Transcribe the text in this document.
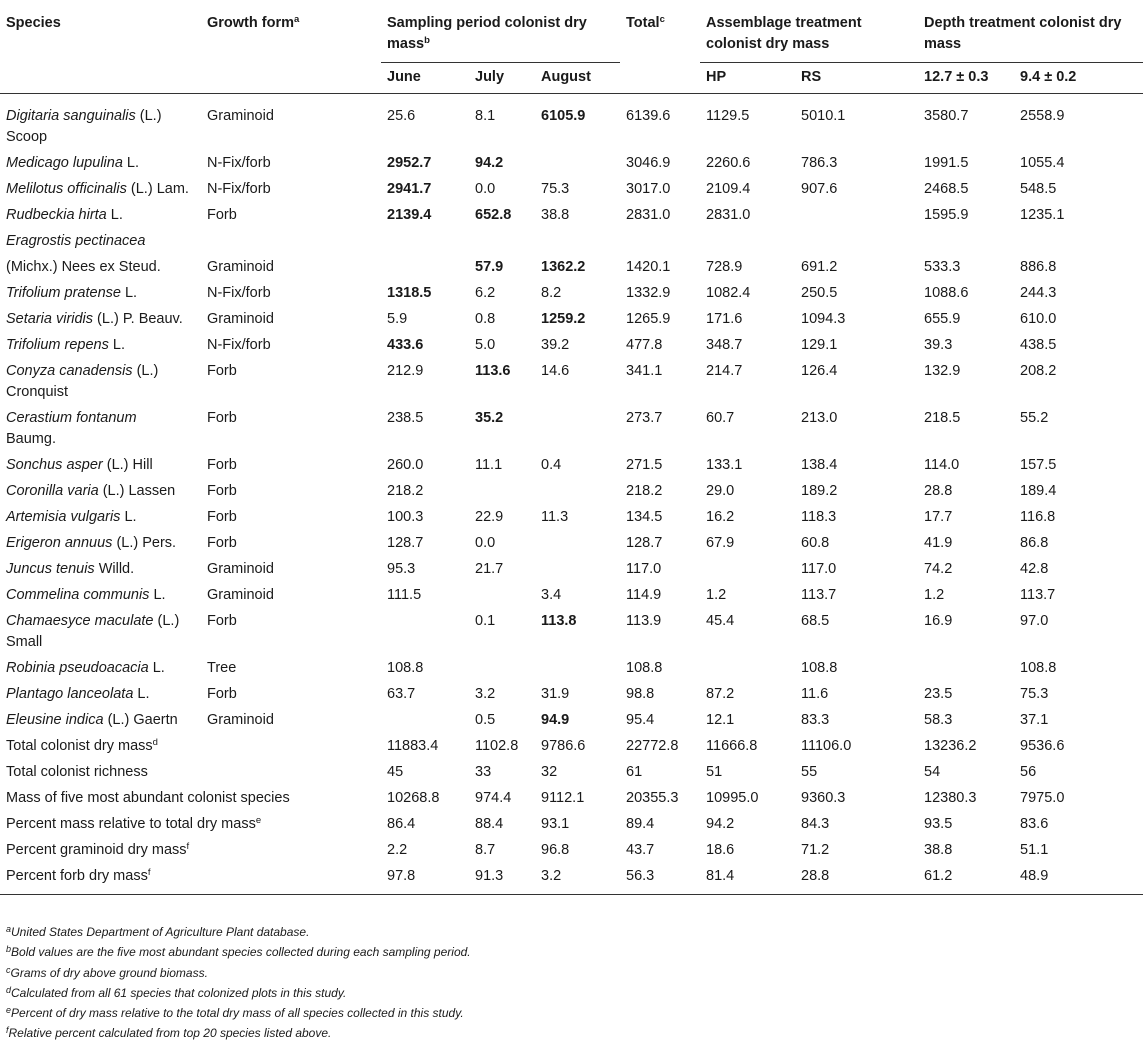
Species	Growth form$^a$	Sampling period colonist dry mass$^b$			Total$^c$	Assemblage treatment colonist dry mass		Depth treatment colonist dry mass	
		June	July	August		HP	RS	12.7 ± 0.3	9.4 ± 0.2
Digitaria sanguinalis (L.)
Scoop	Graminoid	25.6	8.1	6105.9	6139.6	1129.5	5010.1	3580.7	2558.9
Medicago lupulina L.	N-Fix/forb	2952.7	94.2		3046.9	2260.6	786.3	1991.5	1055.4
Melilotus officinalis (L.) Lam.	N-Fix/forb	2941.7	0.0	75.3	3017.0	2109.4	907.6	2468.5	548.5
Rudbeckia hirta L.	Forb	2139.4	652.8	38.8	2831.0	2831.0		1595.9	1235.1
Eragrostis pectinacea									
(Michx.) Nees ex Steud.	Graminoid		57.9	1362.2	1420.1	728.9	691.2	533.3	886.8
Trifolium pratense L.	N-Fix/forb	1318.5	6.2	8.2	1332.9	1082.4	250.5	1088.6	244.3
Setaria viridis (L.) P. Beauv.	Graminoid	5.9	0.8	1259.2	1265.9	171.6	1094.3	655.9	610.0
Trifolium repens L.	N-Fix/forb	433.6	5.0	39.2	477.8	348.7	129.1	39.3	438.5
Conyza canadensis (L.)
Cronquist	Forb	212.9	113.6	14.6	341.1	214.7	126.4	132.9	208.2
Cerastium fontanum
Baumg.	Forb	238.5	35.2		273.7	60.7	213.0	218.5	55.2
Sonchus asper (L.) Hill	Forb	260.0	11.1	0.4	271.5	133.1	138.4	114.0	157.5
Coronilla varia (L.) Lassen	Forb	218.2			218.2	29.0	189.2	28.8	189.4
Artemisia vulgaris L.	Forb	100.3	22.9	11.3	134.5	16.2	118.3	17.7	116.8
Erigeron annuus (L.) Pers.	Forb	128.7	0.0		128.7	67.9	60.8	41.9	86.8
Juncus tenuis Willd.	Graminoid	95.3	21.7		117.0		117.0	74.2	42.8
Commelina communis L.	Graminoid	111.5		3.4	114.9	1.2	113.7	1.2	113.7
Chamaesyce maculate (L.)
Small	Forb		0.1	113.8	113.9	45.4	68.5	16.9	97.0
Robinia pseudoacacia L.	Tree	108.8			108.8		108.8		108.8
Plantago lanceolata L.	Forb	63.7	3.2	31.9	98.8	87.2	11.6	23.5	75.3
Eleusine indica (L.) Gaertn	Graminoid		0.5	94.9	95.4	12.1	83.3	58.3	37.1
Total colonist dry mass$^d$		11883.4	1102.8	9786.6	22772.8	11666.8	11106.0	13236.2	9536.6
Total colonist richness		45	33	32	61	51	55	54	56
Mass of five most abundant colonist species		10268.8	974.4	9112.1	20355.3	10995.0	9360.3	12380.3	7975.0
Percent mass relative to total dry mass$^e$		86.4	88.4	93.1	89.4	94.2	84.3	93.5	83.6
Percent graminoid dry mass$^f$		2.2	8.7	96.8	43.7	18.6	71.2	38.8	51.1
Percent forb dry mass$^f$		97.8	91.3	3.2	56.3	81.4	28.8	61.2	48.9
$^a$United States Department of Agriculture Plant database.
$^b$Bold values are the five most abundant species collected during each sampling period.
$^c$Grams of dry above ground biomass.
$^d$Calculated from all 61 species that colonized plots in this study.
$^e$Percent of dry mass relative to the total dry mass of all species collected in this study.
$^f$Relative percent calculated from top 20 species listed above.
